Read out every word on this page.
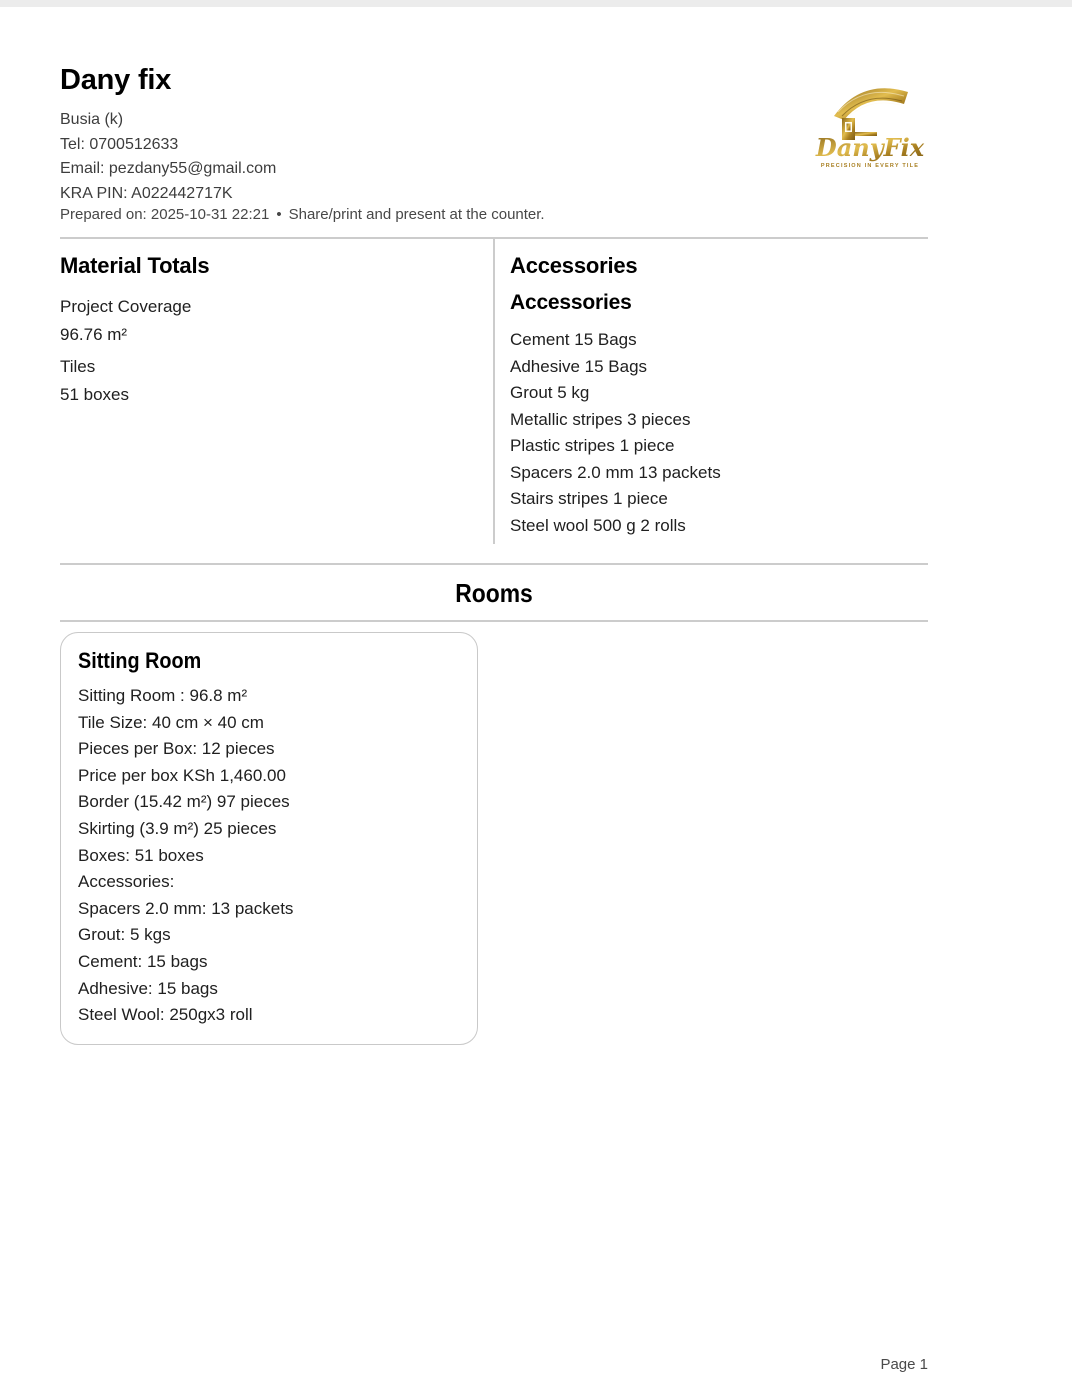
Dany fix
Busia (k)
Tel: 0700512633
Email: pezdany55@gmail.com
KRA PIN: A022442717K
Prepared on: 2025-10-31 22:21 • Share/print and present at the counter.
DanyFix
PRECISION IN EVERY TILE
Material Totals
Project Coverage
96.76 m²
Tiles
51 boxes
Accessories
Accessories
Cement 15 Bags
Adhesive 15 Bags
Grout 5 kg
Metallic stripes 3 pieces
Plastic stripes 1 piece
Spacers 2.0 mm 13 packets
Stairs stripes 1 piece
Steel wool 500 g 2 rolls
Rooms
Sitting Room
Sitting Room : 96.8 m²
Tile Size: 40 cm × 40 cm
Pieces per Box: 12 pieces
Price per box KSh 1,460.00
Border (15.42 m²) 97 pieces
Skirting (3.9 m²) 25 pieces
Boxes: 51 boxes
Accessories:
Spacers 2.0 mm: 13 packets
Grout: 5 kgs
Cement: 15 bags
Adhesive: 15 bags
Steel Wool: 250gx3 roll
Page 1
